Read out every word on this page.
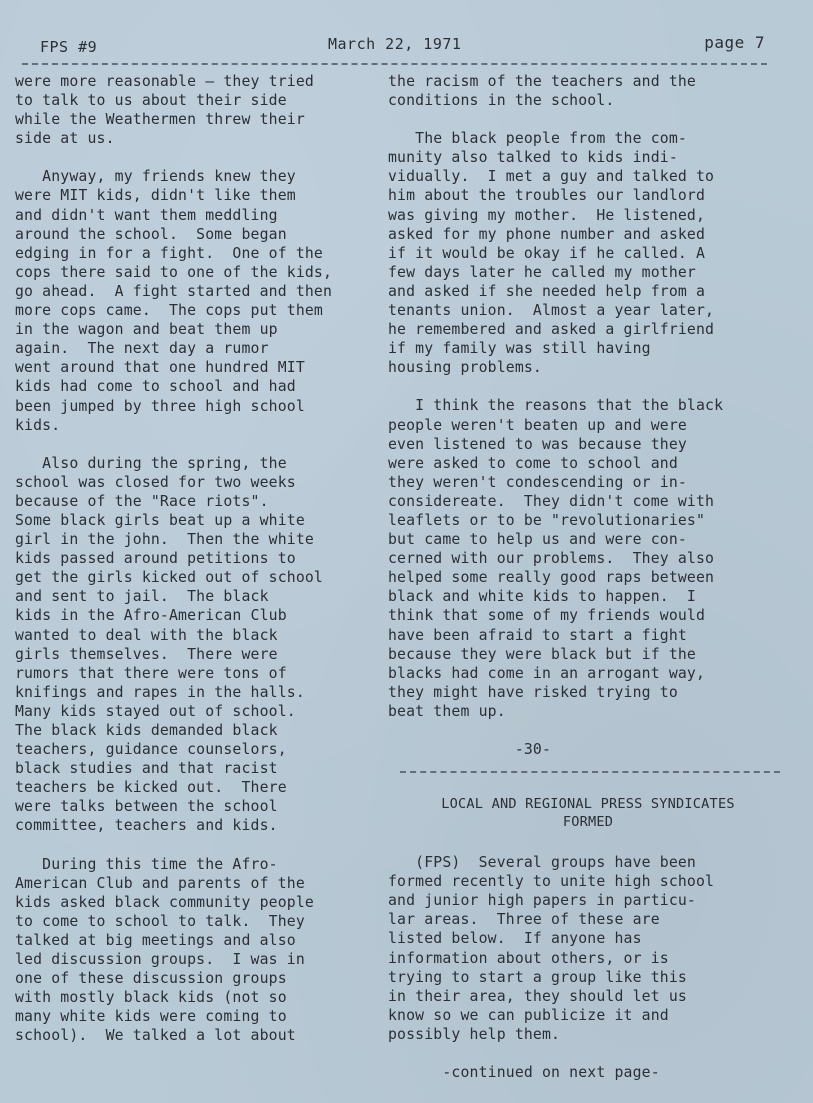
FPS #9	March 22, 1971	page 7

were more reasonable — they tried
to talk to us about their side
while the Weathermen threw their
side at us.

Anyway, my friends knew they
were MIT kids, didn't like them
and didn't want them meddling
around the school.  Some began
edging in for a fight.  One of the
cops there said to one of the kids,
go ahead.  A fight started and then
more cops came.  The cops put them
in the wagon and beat them up
again.  The next day a rumor
went around that one hundred MIT
kids had come to school and had
been jumped by three high school
kids.

Also during the spring, the
school was closed for two weeks
because of the "Race riots".
Some black girls beat up a white
girl in the john.  Then the white
kids passed around petitions to
get the girls kicked out of school
and sent to jail.  The black
kids in the Afro-American Club
wanted to deal with the black
girls themselves.  There were
rumors that there were tons of
knifings and rapes in the halls.
Many kids stayed out of school.
The black kids demanded black
teachers, guidance counselors,
black studies and that racist
teachers be kicked out.  There
were talks between the school
committee, teachers and kids.

During this time the Afro-
American Club and parents of the
kids asked black community people
to come to school to talk.  They
talked at big meetings and also
led discussion groups.  I was in
one of these discussion groups
with mostly black kids (not so
many white kids were coming to
school).  We talked a lot about

the racism of the teachers and the
conditions in the school.

The black people from the com-
munity also talked to kids indi-
vidually.  I met a guy and talked to
him about the troubles our landlord
was giving my mother.  He listened,
asked for my phone number and asked
if it would be okay if he called. A
few days later he called my mother
and asked if she needed help from a
tenants union.  Almost a year later,
he remembered and asked a girlfriend
if my family was still having
housing problems.

I think the reasons that the black
people weren't beaten up and were
even listened to was because they
were asked to come to school and
they weren't condescending or in-
considereate.  They didn't come with
leaflets or to be "revolutionaries"
but came to help us and were con-
cerned with our problems.  They also
helped some really good raps between
black and white kids to happen.  I
think that some of my friends would
have been afraid to start a fight
because they were black but if the
blacks had come in an arrogant way,
they might have risked trying to
beat them up.

-30-

LOCAL AND REGIONAL PRESS SYNDICATES
FORMED

(FPS)  Several groups have been
formed recently to unite high school
and junior high papers in particu-
lar areas.  Three of these are
listed below.  If anyone has
information about others, or is
trying to start a group like this
in their area, they should let us
know so we can publicize it and
possibly help them.

-continued on next page-
